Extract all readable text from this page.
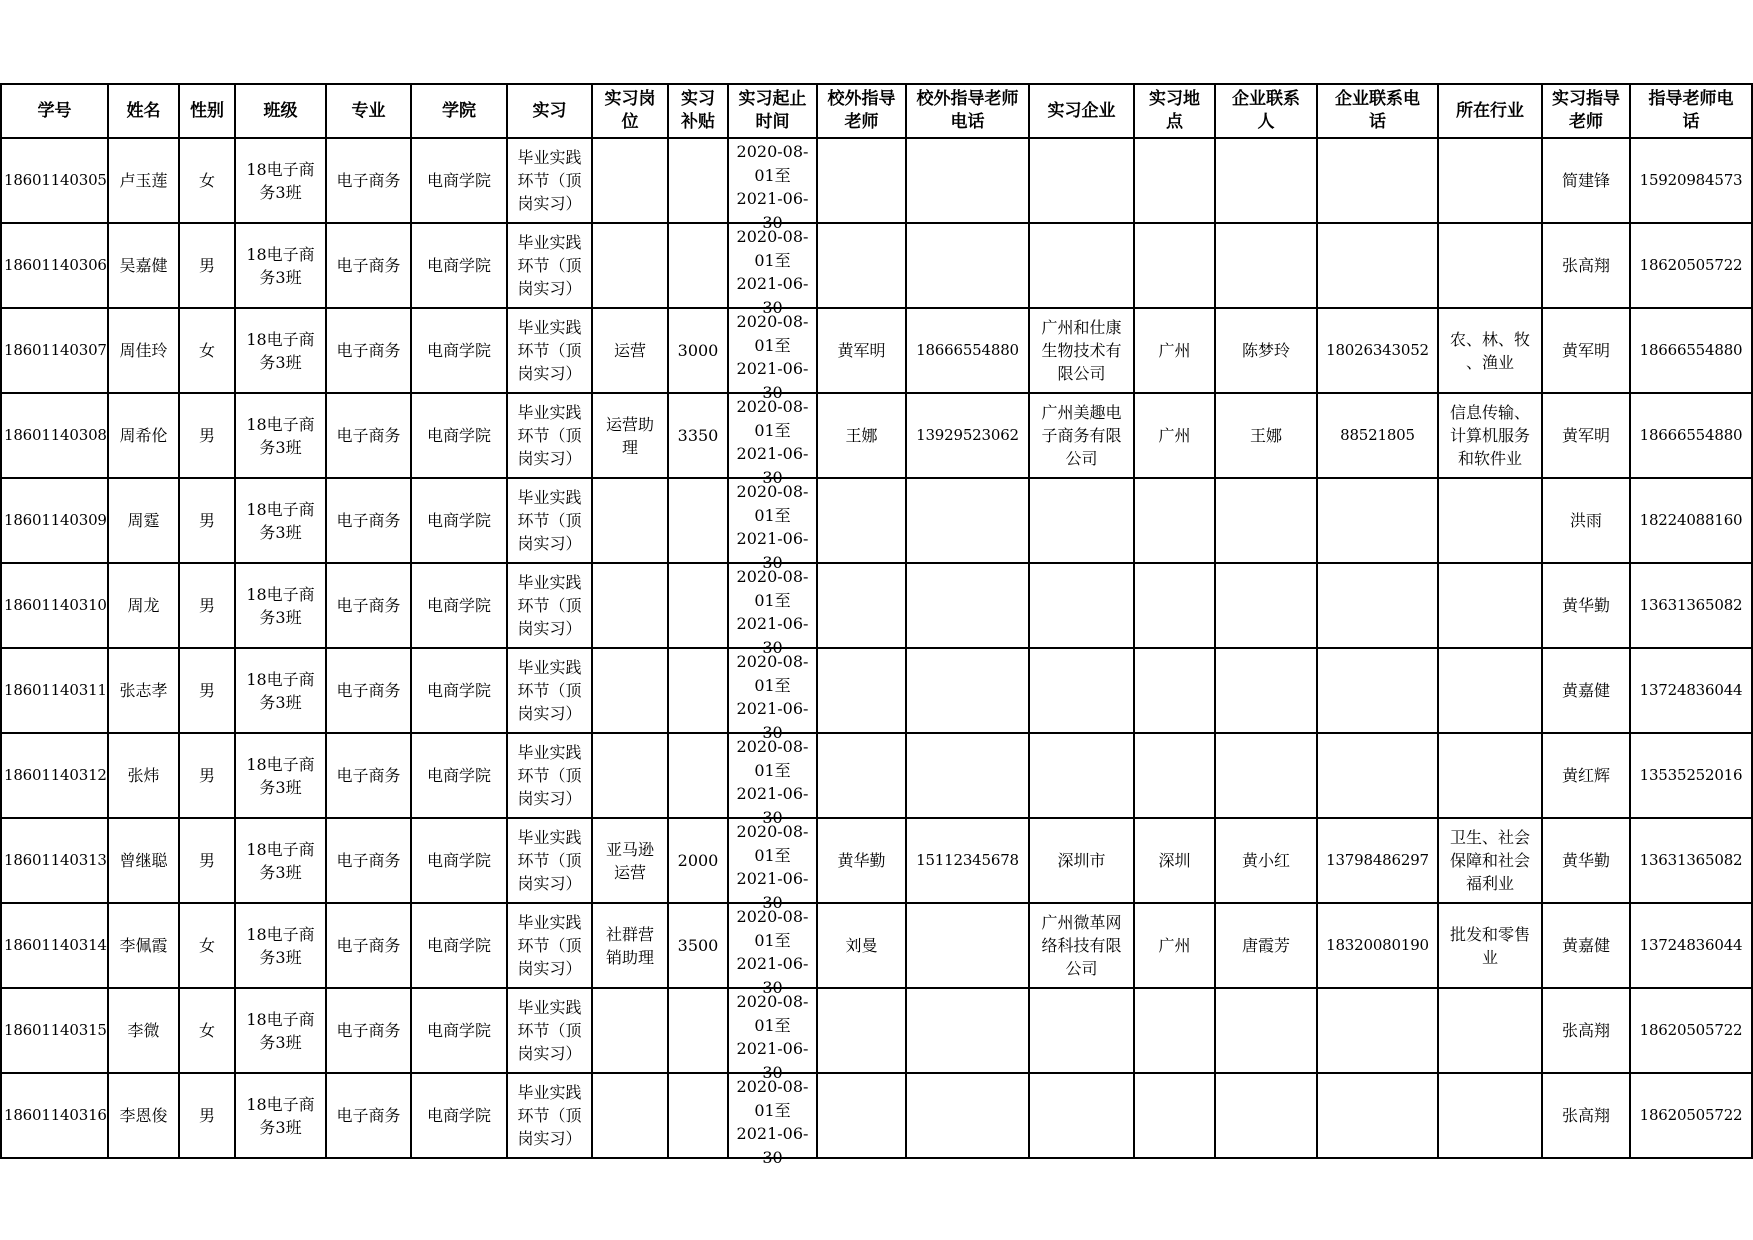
学号	姓名	性别	班级	专业	学院	实习	实习岗
位	实习
补贴	实习起止
时间	校外指导
老师	校外指导老师
电话	实习企业	实习地
点	企业联系
人	企业联系电
话	所在行业	实习指导
老师	指导老师电
话
18601140305	卢玉莲	女	18电子商
务3班	电子商务	电商学院	毕业实践
环节（顶
岗实习）			2020-08-
01至
2021-06-
30								简建锋	15920984573
18601140306	吴嘉健	男	18电子商
务3班	电子商务	电商学院	毕业实践
环节（顶
岗实习）			2020-08-
01至
2021-06-
30								张高翔	18620505722
18601140307	周佳玲	女	18电子商
务3班	电子商务	电商学院	毕业实践
环节（顶
岗实习）	运营	3000	2020-08-
01至
2021-06-
30	黄军明	18666554880	广州和仕康
生物技术有
限公司	广州	陈梦玲	18026343052	农、林、牧
、渔业	黄军明	18666554880
18601140308	周希伦	男	18电子商
务3班	电子商务	电商学院	毕业实践
环节（顶
岗实习）	运营助
理	3350	2020-08-
01至
2021-06-
30	王娜	13929523062	广州美趣电
子商务有限
公司	广州	王娜	88521805	信息传输、
计算机服务
和软件业	黄军明	18666554880
18601140309	周霆	男	18电子商
务3班	电子商务	电商学院	毕业实践
环节（顶
岗实习）			2020-08-
01至
2021-06-
30								洪雨	18224088160
18601140310	周龙	男	18电子商
务3班	电子商务	电商学院	毕业实践
环节（顶
岗实习）			2020-08-
01至
2021-06-
30								黄华勤	13631365082
18601140311	张志孝	男	18电子商
务3班	电子商务	电商学院	毕业实践
环节（顶
岗实习）			2020-08-
01至
2021-06-
30								黄嘉健	13724836044
18601140312	张炜	男	18电子商
务3班	电子商务	电商学院	毕业实践
环节（顶
岗实习）			2020-08-
01至
2021-06-
30								黄红辉	13535252016
18601140313	曾继聪	男	18电子商
务3班	电子商务	电商学院	毕业实践
环节（顶
岗实习）	亚马逊
运营	2000	2020-08-
01至
2021-06-
30	黄华勤	15112345678	深圳市	深圳	黄小红	13798486297	卫生、社会
保障和社会
福利业	黄华勤	13631365082
18601140314	李佩霞	女	18电子商
务3班	电子商务	电商学院	毕业实践
环节（顶
岗实习）	社群营
销助理	3500	2020-08-
01至
2021-06-
30	刘曼		广州微革网
络科技有限
公司	广州	唐霞芳	18320080190	批发和零售
业	黄嘉健	13724836044
18601140315	李微	女	18电子商
务3班	电子商务	电商学院	毕业实践
环节（顶
岗实习）			2020-08-
01至
2021-06-
30								张高翔	18620505722
18601140316	李恩俊	男	18电子商
务3班	电子商务	电商学院	毕业实践
环节（顶
岗实习）			2020-08-
01至
2021-06-
30								张高翔	18620505722
